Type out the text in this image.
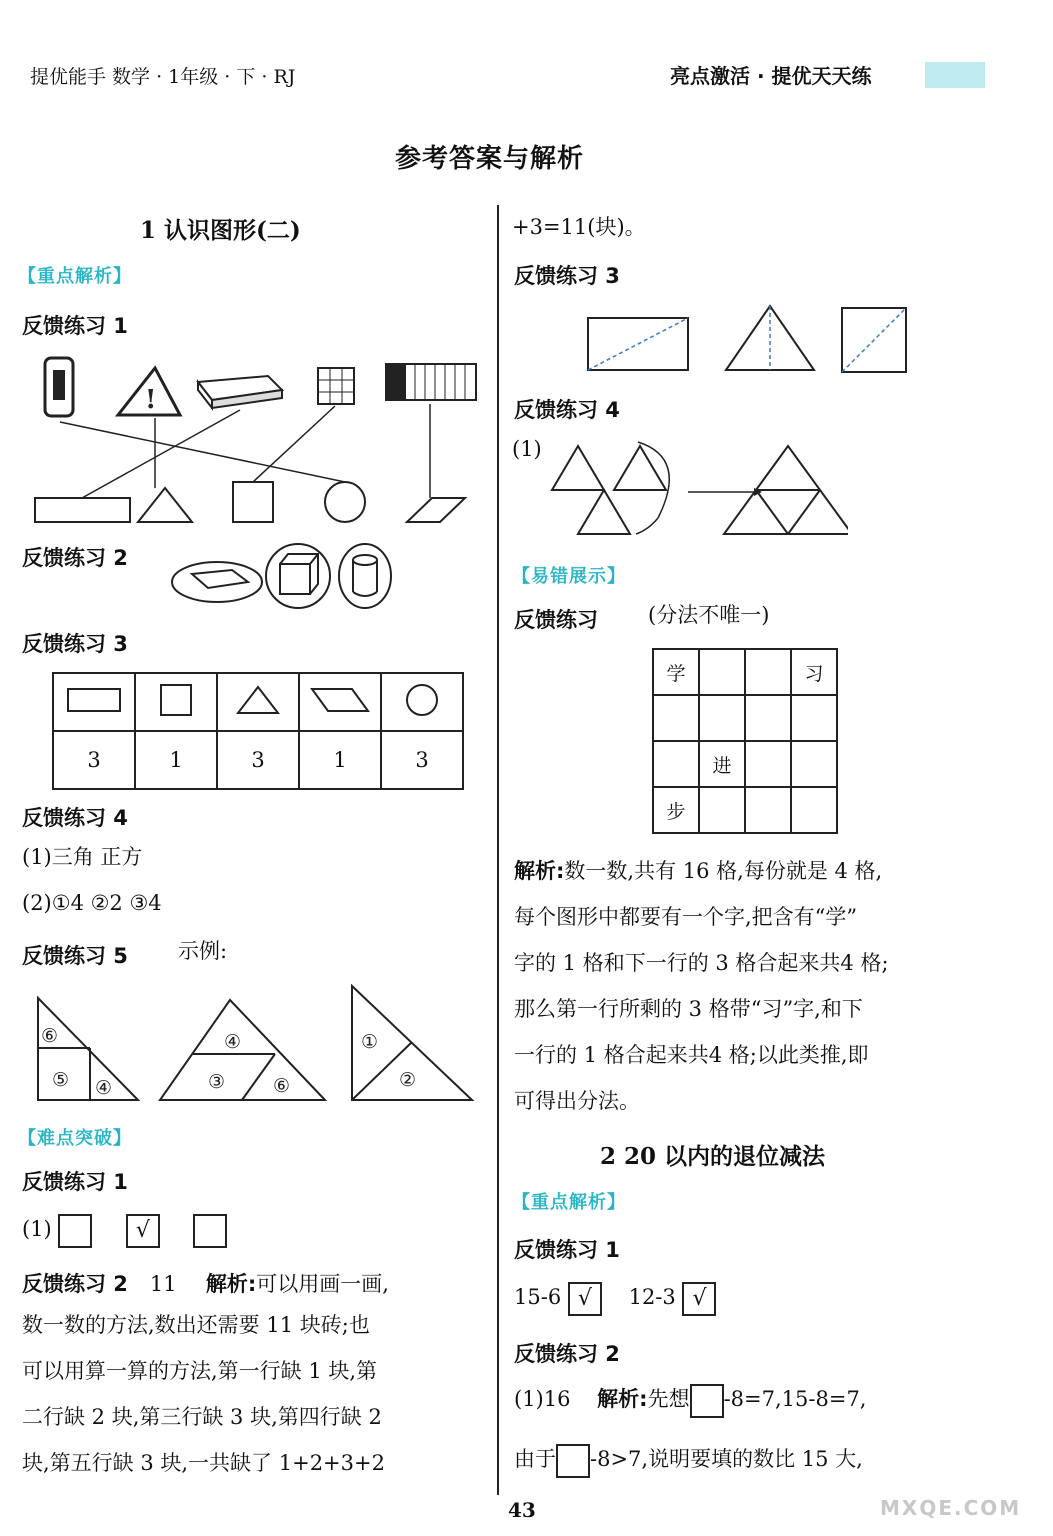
提优能手 数学 · 1年级 · 下 · RJ	亮点激活 · 提优天天练
参考答案与解析
1 认识图形(二)
【重点解析】
反馈练习 1
!
反馈练习 2
反馈练习 3

3	1	3	1	3
反馈练习 4
(1)三角 正方
(2)①4 ②2 ③4
反馈练习 5 示例:
⑥
⑤ ④
④
③	⑥
①
②
【难点突破】
反馈练习 1
(1)	√
反馈练习 2 11 解析:可以用画一画,
数一数的方法,数出还需要 11 块砖;也
可以用算一算的方法,第一行缺 1 块,第
二行缺 2 块,第三行缺 3 块,第四行缺 2
块,第五行缺 3 块,一共缺了 1+2+3+2
+3=11(块)。
反馈练习 3
反馈练习 4
(1)
【易错展示】
反馈练习 (分法不唯一)
学			习

	进		
步			
解析:数一数,共有 16 格,每份就是 4 格,
每个图形中都要有一个字,把含有“学”
字的 1 格和下一行的 3 格合起来共4 格;
那么第一行所剩的 3 格带“习”字,和下
一行的 1 格合起来共4 格;以此类推,即
可得出分法。
2 20 以内的退位减法
【重点解析】
反馈练习 1
15-6 √ 12-3 √
反馈练习 2
(1)16 解析:先想 -8=7,15-8=7,
由于 -8>7,说明要填的数比 15 大,
43	MXQE.COM
